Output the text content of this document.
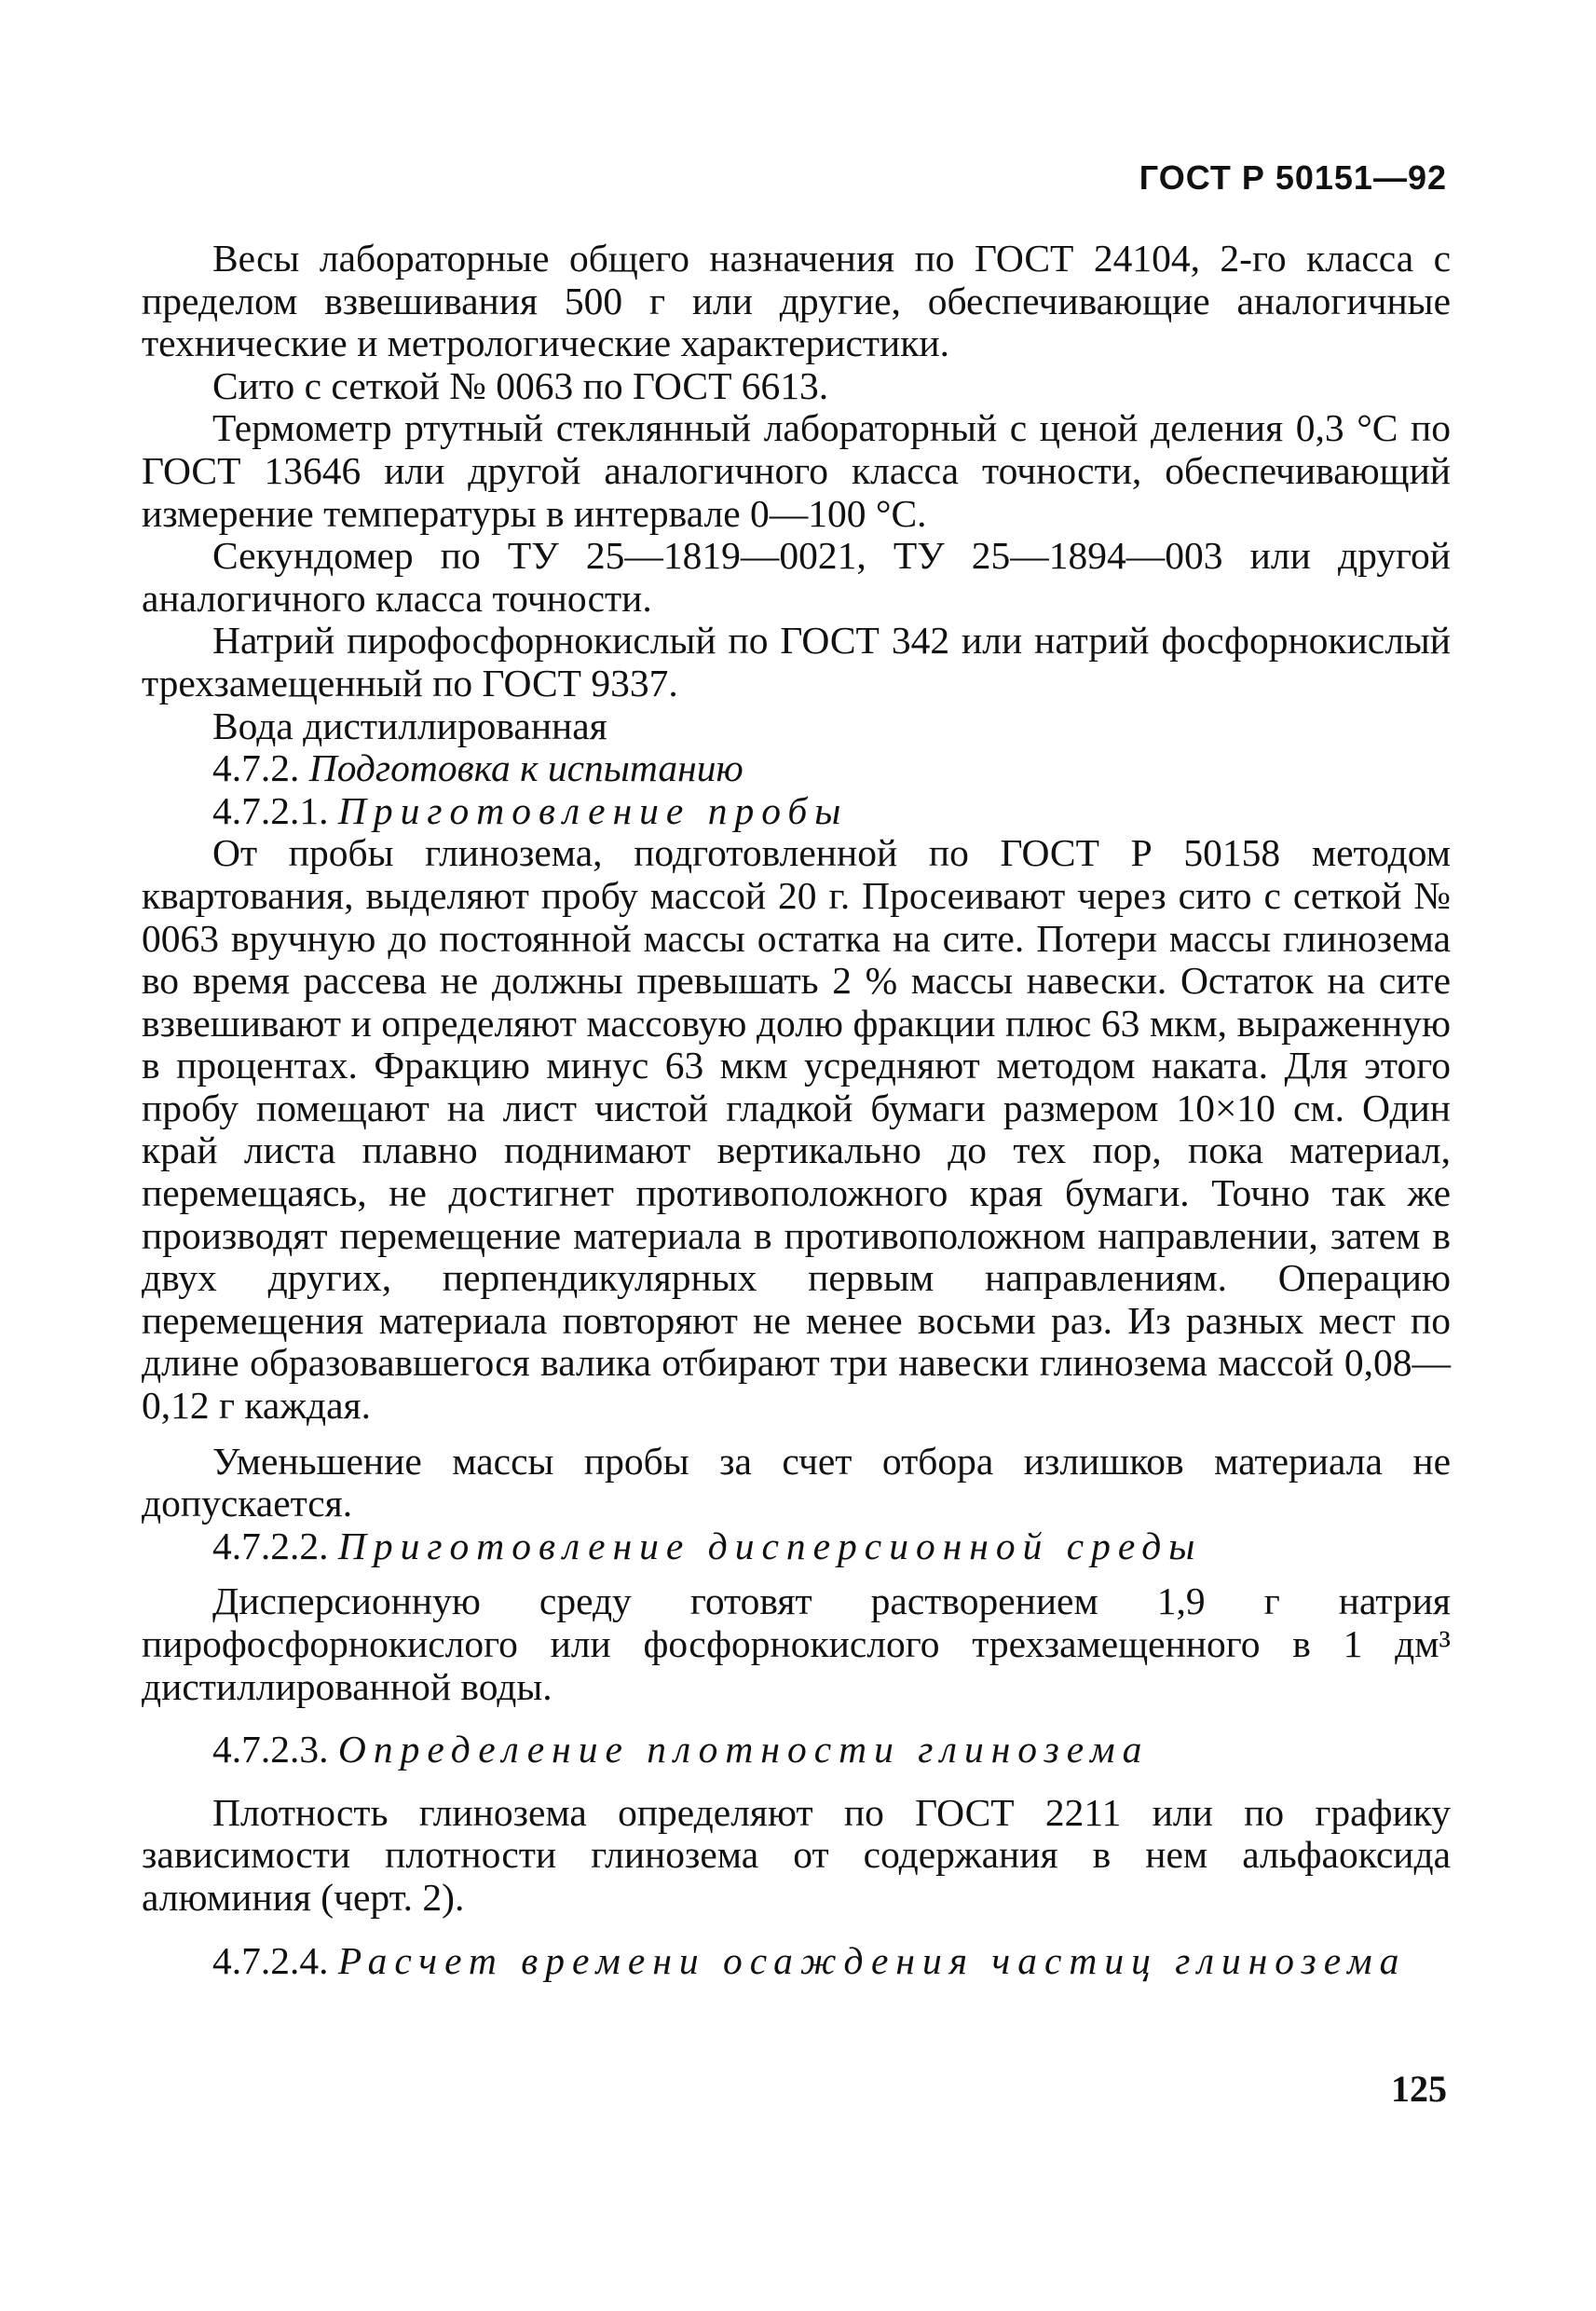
ГОСТ Р 50151—92

Весы лабораторные общего назначения по ГОСТ 24104, 2-го класса с пределом взвешивания 500 г или другие, обеспечивающие аналогичные технические и метрологические характеристики.

Сито с сеткой № 0063 по ГОСТ 6613.

Термометр ртутный стеклянный лабораторный с ценой деления 0,3 °С по ГОСТ 13646 или другой аналогичного класса точности, обеспечивающий измерение температуры в интервале 0—100 °С.

Секундомер по ТУ 25—1819—0021, ТУ 25—1894—003 или другой аналогичного класса точности.

Натрий пирофосфорнокислый по ГОСТ 342 или натрий фосфорнокислый трехзамещенный по ГОСТ 9337.

Вода дистиллированная

4.7.2. Подготовка к испытанию

4.7.2.1. Приготовление пробы

От пробы глинозема, подготовленной по ГОСТ Р 50158 методом квартования, выделяют пробу массой 20 г. Просеивают через сито с сеткой № 0063 вручную до постоянной массы остатка на сите. Потери массы глинозема во время рассева не должны превышать 2 % массы навески. Остаток на сите взвешивают и определяют массовую долю фракции плюс 63 мкм, выраженную в процентах. Фракцию минус 63 мкм усредняют методом наката. Для этого пробу помещают на лист чистой гладкой бумаги размером 10×10 см. Один край листа плавно поднимают вертикально до тех пор, пока материал, перемещаясь, не достигнет противоположного края бумаги. Точно так же производят перемещение материала в противоположном направлении, затем в двух других, перпендикулярных первым направлениям. Операцию перемещения материала повторяют не менее восьми раз. Из разных мест по длине образовавшегося валика отбирают три навески глинозема массой 0,08—0,12 г каждая.

Уменьшение массы пробы за счет отбора излишков материала не допускается.

4.7.2.2. Приготовление дисперсионной среды

Дисперсионную среду готовят растворением 1,9 г натрия пирофосфорнокислого или фосфорнокислого трехзамещенного в 1 дм³ дистиллированной воды.

4.7.2.3. Определение плотности глинозема

Плотность глинозема определяют по ГОСТ 2211 или по графику зависимости плотности глинозема от содержания в нем альфаоксида алюминия (черт. 2).

4.7.2.4. Расчет времени осаждения частиц глинозема

125
